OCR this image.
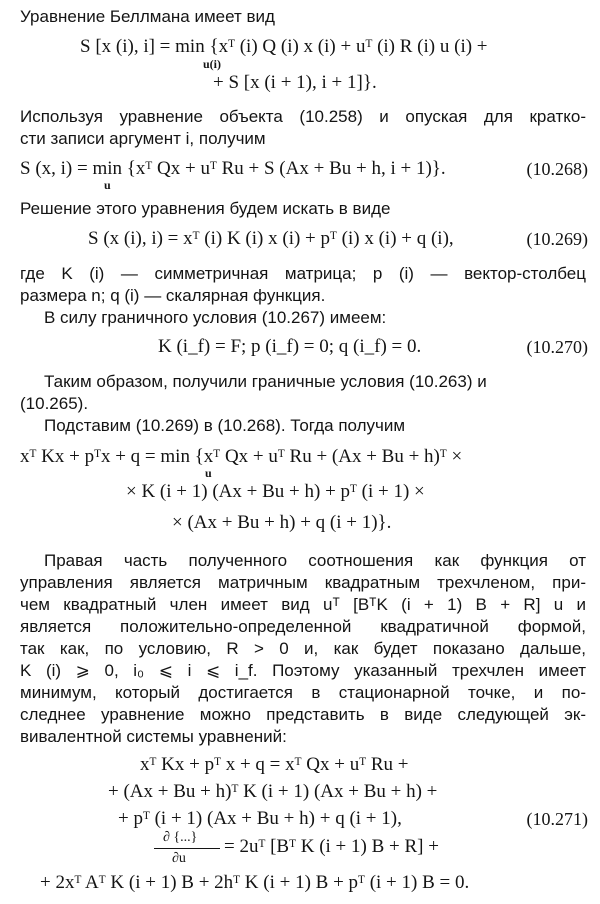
Уравнение Беллмана имеет вид
S [x (i), i] = min {xᵀ (i) Q (i) x (i) + uᵀ (i) R (i) u (i) +
u(i)
+ S [x (i + 1), i + 1]}.
Используя уравнение объекта (10.258) и опуская для кратко-
сти записи аргумент i, получим
S (x, i) = min {xᵀ Qx + uᵀ Ru + S (Ax + Bu + h, i + 1)}.
u
(10.268)
Решение этого уравнения будем искать в виде
S (x (i), i) = xᵀ (i) K (i) x (i) + pᵀ (i) x (i) + q (i),	(10.269)
где K (i) — симметричная матрица; p (i) — вектор-столбец
размера n; q (i) — скалярная функция.
В силу граничного условия (10.267) имеем:
K (i_f) = F; p (i_f) = 0; q (i_f) = 0.	(10.270)
Таким образом, получили граничные условия (10.263) и
(10.265).
Подставим (10.269) в (10.268). Тогда получим
xᵀ Kx + pᵀx + q = min {xᵀ Qx + uᵀ Ru + (Ax + Bu + h)ᵀ ×
u
× K (i + 1) (Ax + Bu + h) + pᵀ (i + 1) ×
× (Ax + Bu + h) + q (i + 1)}.
Правая часть полученного соотношения как функция от
управления является матричным квадратным трехчленом, при-
чем квадратный член имеет вид uᵀ [BᵀK (i + 1) B + R] u и
является положительно-определенной квадратичной формой,
так как, по условию, R > 0 и, как будет показано дальше,
K (i) ⩾ 0, i₀ ⩽ i ⩽ i_f. Поэтому указанный трехчлен имеет
минимум, который достигается в стационарной точке, и по-
следнее уравнение можно представить в виде следующей эк-
вивалентной системы уравнений:
xᵀ Kx + pᵀ x + q = xᵀ Qx + uᵀ Ru +
+ (Ax + Bu + h)ᵀ K (i + 1) (Ax + Bu + h) +
+ pᵀ (i + 1) (Ax + Bu + h) + q (i + 1),	(10.271)
∂ {...}
∂u
= 2uᵀ [Bᵀ K (i + 1) B + R] +
+ 2xᵀ Aᵀ K (i + 1) B + 2hᵀ K (i + 1) B + pᵀ (i + 1) B = 0.
